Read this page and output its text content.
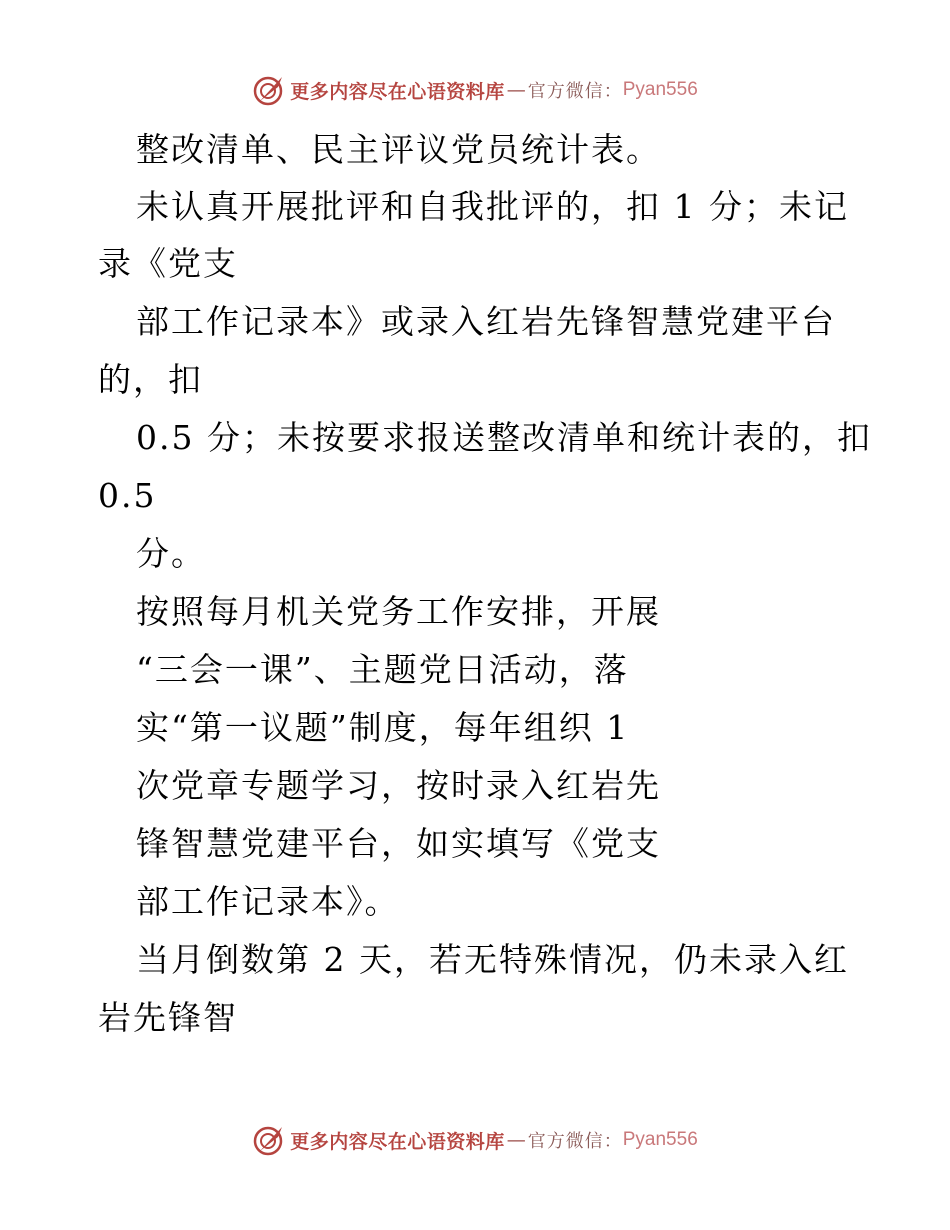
更多内容尽在心语资料库 — 官方微信： Pyan556
整改清单、民主评议党员统计表。
未认真开展批评和自我批评的，扣 1 分；未记
录《党支
部工作记录本》或录入红岩先锋智慧党建平台
的，扣
0.5 分；未按要求报送整改清单和统计表的，扣
0.5
分。
按照每月机关党务工作安排，开展
“三会一课”、主题党日活动，落
实“第一议题”制度，每年组织 1
次党章专题学习，按时录入红岩先
锋智慧党建平台，如实填写《党支
部工作记录本》。
当月倒数第 2 天，若无特殊情况，仍未录入红
岩先锋智
更多内容尽在心语资料库 — 官方微信： Pyan556
